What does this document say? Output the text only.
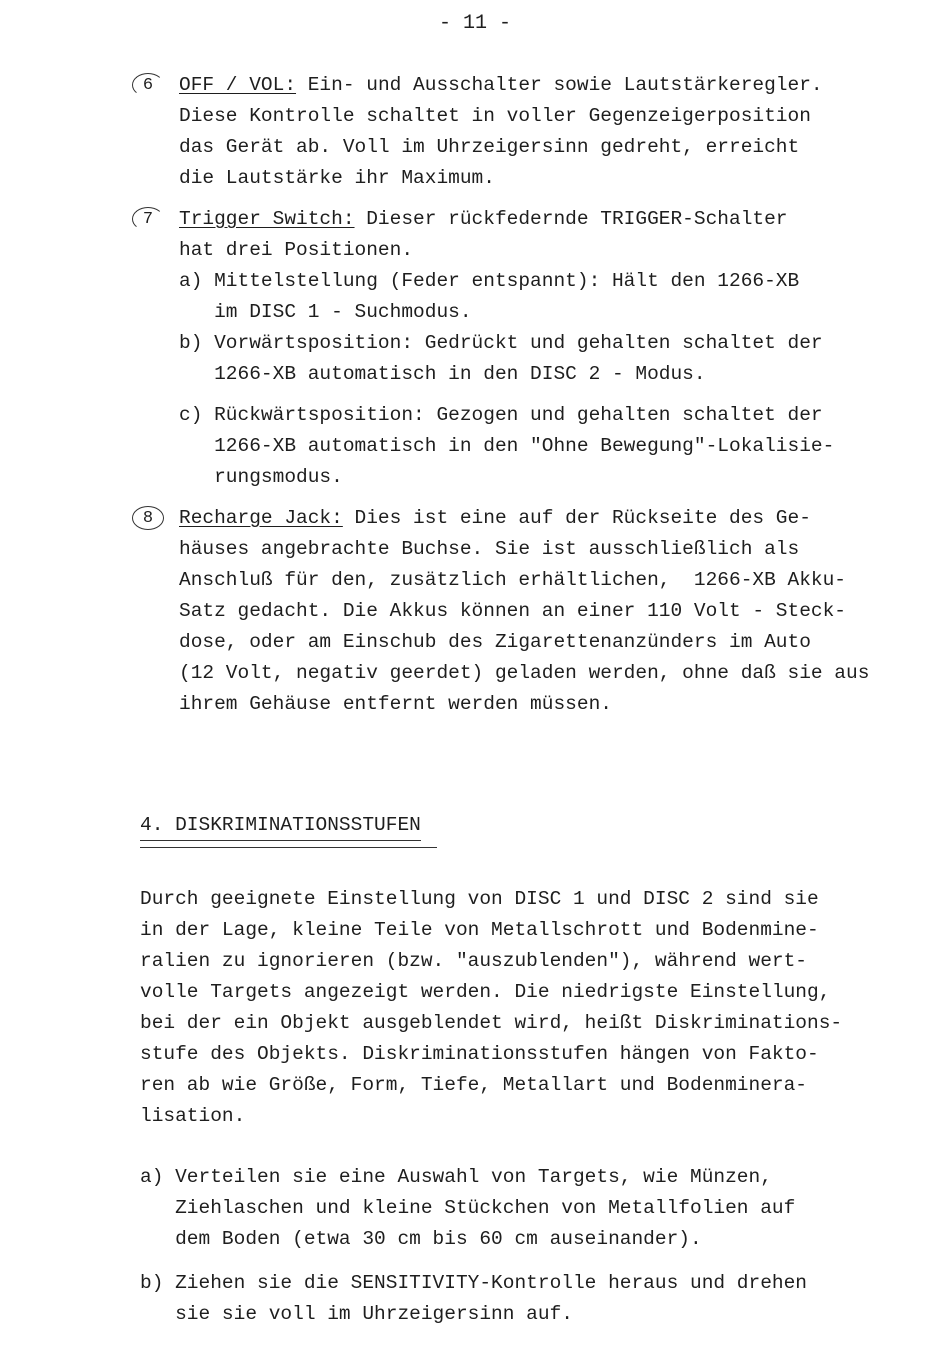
- 11 -
6	OFF / VOL: Ein- und Ausschalter sowie Lautstärkeregler.
Diese Kontrolle schaltet in voller Gegenzeigerposition
das Gerät ab. Voll im Uhrzeigersinn gedreht, erreicht
die Lautstärke ihr Maximum.
7	Trigger Switch: Dieser rückfedernde TRIGGER-Schalter
hat drei Positionen.
a) Mittelstellung (Feder entspannt): Hält den 1266-XB
im DISC 1 - Suchmodus.
b) Vorwärtsposition: Gedrückt und gehalten schaltet der
1266-XB automatisch in den DISC 2 - Modus.
c) Rückwärtsposition: Gezogen und gehalten schaltet der
1266-XB automatisch in den "Ohne Bewegung"-Lokalisie-
rungsmodus.
8	Recharge Jack: Dies ist eine auf der Rückseite des Ge-
häuses angebrachte Buchse. Sie ist ausschließlich als
Anschluß für den, zusätzlich erhältlichen,  1266-XB Akku-
Satz gedacht. Die Akkus können an einer 110 Volt - Steck-
dose, oder am Einschub des Zigarettenanzünders im Auto
(12 Volt, negativ geerdet) geladen werden, ohne daß sie aus
ihrem Gehäuse entfernt werden müssen.
4. DISKRIMINATIONSSTUFEN
Durch geeignete Einstellung von DISC 1 und DISC 2 sind sie
in der Lage, kleine Teile von Metallschrott und Bodenmine-
ralien zu ignorieren (bzw. "auszublenden"), während wert-
volle Targets angezeigt werden. Die niedrigste Einstellung,
bei der ein Objekt ausgeblendet wird, heißt Diskriminations-
stufe des Objekts. Diskriminationsstufen hängen von Fakto-
ren ab wie Größe, Form, Tiefe, Metallart und Bodenminera-
lisation.
a) Verteilen sie eine Auswahl von Targets, wie Münzen,
Ziehlaschen und kleine Stückchen von Metallfolien auf
dem Boden (etwa 30 cm bis 60 cm auseinander).
b) Ziehen sie die SENSITIVITY-Kontrolle heraus und drehen
sie sie voll im Uhrzeigersinn auf.
